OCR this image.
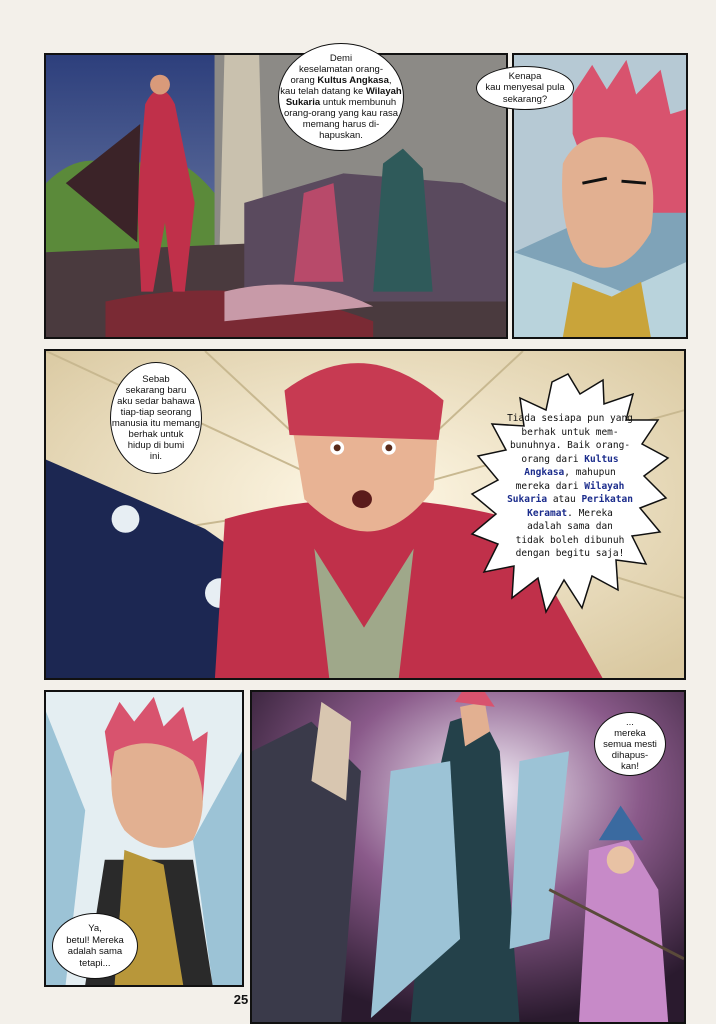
Demi
keselamatan orang-
orang Kultus Angkasa,
kau telah datang ke Wilayah
Sukaria untuk membunuh
orang-orang yang kau rasa
memang harus di-
hapuskan.

Kenapa
kau menyesal pula
sekarang?

Sebab
sekarang baru
aku sedar bahawa
tiap-tiap seorang
manusia itu memang
berhak untuk
hidup di bumi
ini.

Tiada sesiapa pun yang
berhak untuk mem-
bunuhnya. Baik orang-
orang dari Kultus
Angkasa, mahupun
mereka dari Wilayah
Sukaria atau Perikatan
Keramat. Mereka
adalah sama dan
tidak boleh dibunuh
dengan begitu saja!

Ya,
betul! Mereka
adalah sama
tetapi...

...
mereka
semua mesti
dihapus-
kan!

25
